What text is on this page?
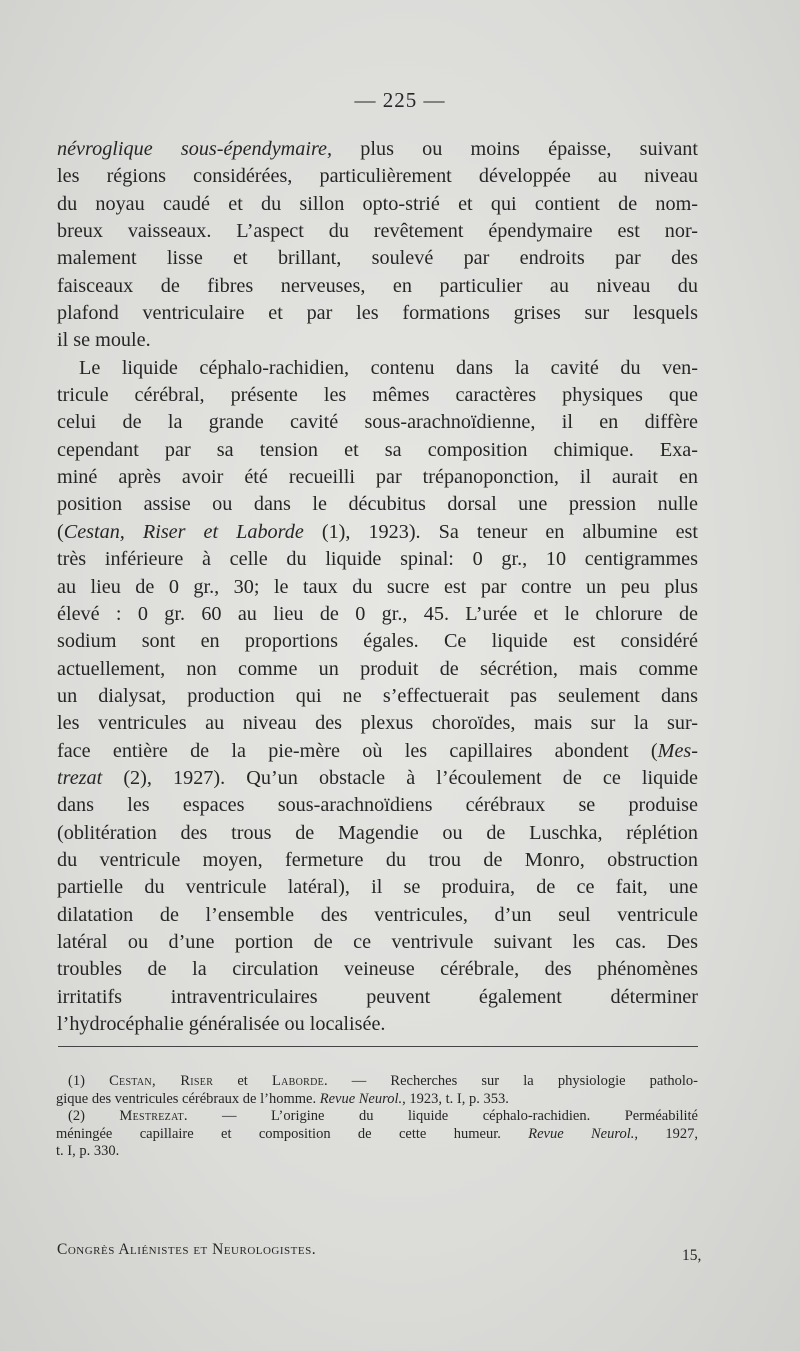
— 225 —
névroglique sous-épendymaire, plus ou moins épaisse, suivant
les régions considérées, particulièrement développée au niveau
du noyau caudé et du sillon opto-strié et qui contient de nom-
breux vaisseaux. L’aspect du revêtement épendymaire est nor-
malement lisse et brillant, soulevé par endroits par des
faisceaux de fibres nerveuses, en particulier au niveau du
plafond ventriculaire et par les formations grises sur lesquels
il se moule.
Le liquide céphalo-rachidien, contenu dans la cavité du ven-
tricule cérébral, présente les mêmes caractères physiques que
celui de la grande cavité sous-arachnoïdienne, il en diffère
cependant par sa tension et sa composition chimique. Exa-
miné après avoir été recueilli par trépanoponction, il aurait en
position assise ou dans le décubitus dorsal une pression nulle
(Cestan, Riser et Laborde (1), 1923). Sa teneur en albumine est
très inférieure à celle du liquide spinal: 0 gr., 10 centigrammes
au lieu de 0 gr., 30; le taux du sucre est par contre un peu plus
élevé : 0 gr. 60 au lieu de 0 gr., 45. L’urée et le chlorure de
sodium sont en proportions égales. Ce liquide est considéré
actuellement, non comme un produit de sécrétion, mais comme
un dialysat, production qui ne s’effectuerait pas seulement dans
les ventricules au niveau des plexus choroïdes, mais sur la sur-
face entière de la pie-mère où les capillaires abondent (Mes-
trezat (2), 1927). Qu’un obstacle à l’écoulement de ce liquide
dans les espaces sous-arachnoïdiens cérébraux se produise
(oblitération des trous de Magendie ou de Luschka, réplétion
du ventricule moyen, fermeture du trou de Monro, obstruction
partielle du ventricule latéral), il se produira, de ce fait, une
dilatation de l’ensemble des ventricules, d’un seul ventricule
latéral ou d’une portion de ce ventrivule suivant les cas. Des
troubles de la circulation veineuse cérébrale, des phénomènes
irritatifs intraventriculaires peuvent également déterminer
l’hydrocéphalie généralisée ou localisée.
(1) Cestan, Riser et Laborde. — Recherches sur la physiologie patholo-
gique des ventricules cérébraux de l’homme. Revue Neurol., 1923, t. I, p. 353.
(2) Mestrezat. — L’origine du liquide céphalo-rachidien. Perméabilité
méningée capillaire et composition de cette humeur. Revue Neurol., 1927,
t. I, p. 330.
Congrès Aliénistes et Neurologistes.	15,
